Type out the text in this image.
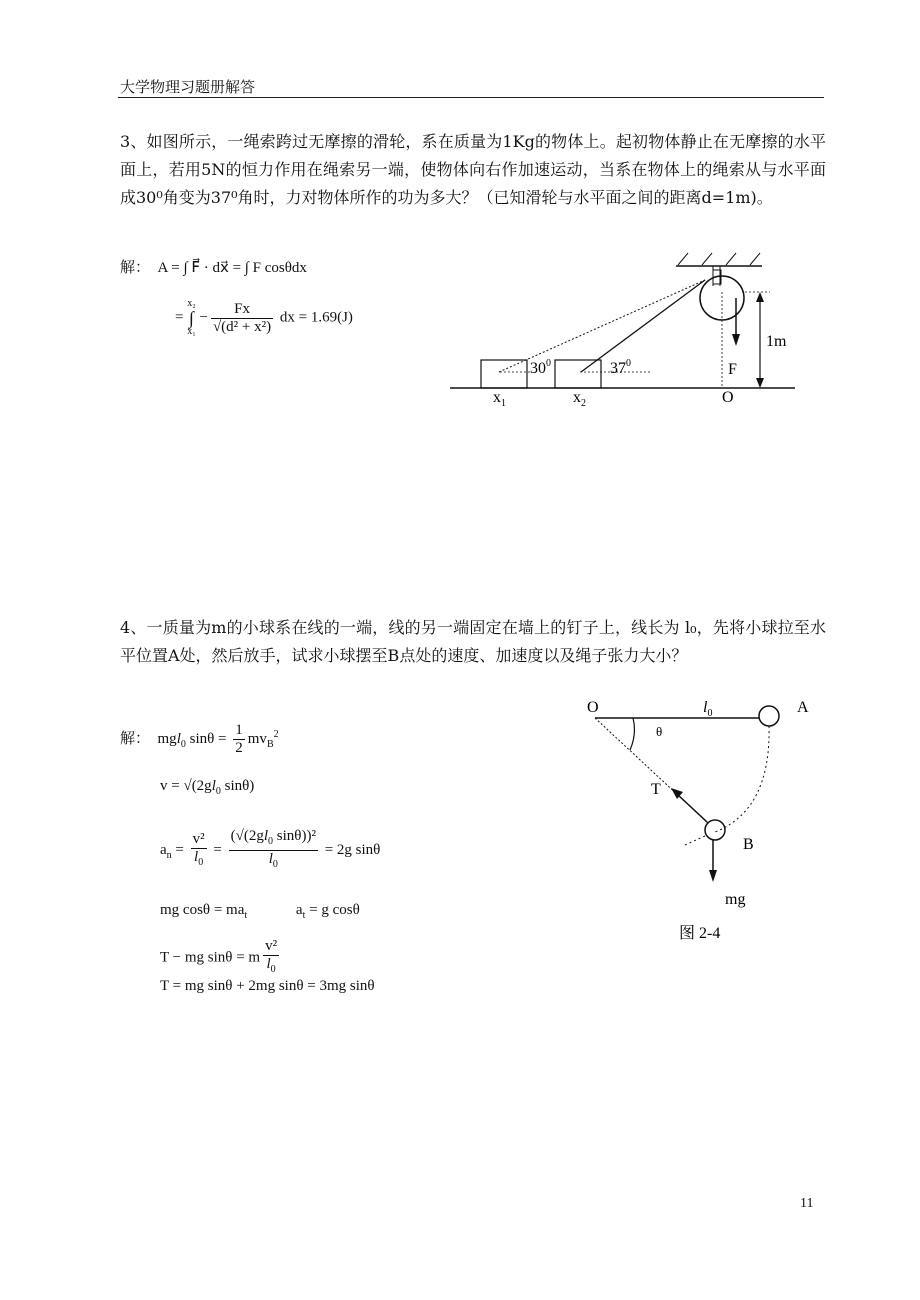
大学物理习题册解答
3、如图所示，一绳索跨过无摩擦的滑轮，系在质量为1Kg的物体上。起初物体静止在无摩擦的水平面上，若用5N的恒力作用在绳索另一端，使物体向右作加速运动，当系在物体上的绳索从与水平面成30⁰角变为37⁰角时，力对物体所作的功为多大？（已知滑轮与水平面之间的距离d=1m)。
解：  A = ∫ F⃗ · dx⃗ = ∫ F cosθdx
=
x₂
∫
x₁
− $\frac{Fx}{\text{√(d² + x²)}}$ dx = 1.69(J)
1m
F
O
$30^0$	$37^0$
$x_1$	$x_2$
4、一质量为m的小球系在线的一端，线的另一端固定在墙上的钉子上，线长为 l₀，先将小球拉至水平位置A处，然后放手，试求小球摆至B点处的速度、加速度以及绳子张力大小？
解：  mgl$_0$ $\sin\theta = \frac{1}{2} mv_B^2$
$v = √(2gl_0$ sinθ)
$a_n = \frac{\text{v²}}{l_0} = \frac{(√(2gl_0 \sin\theta))^2}{l_0} = 2g$ sinθ
mg $\cos\theta = ma_t$             $a_t = g$ cosθ
T − mg sinθ = m $\frac{\text{v²}}{l_0}$
T = mg sinθ + 2mg sinθ = 3mg sinθ
O	$l_0$	A
θ
T
B
mg
图 2-4
11
